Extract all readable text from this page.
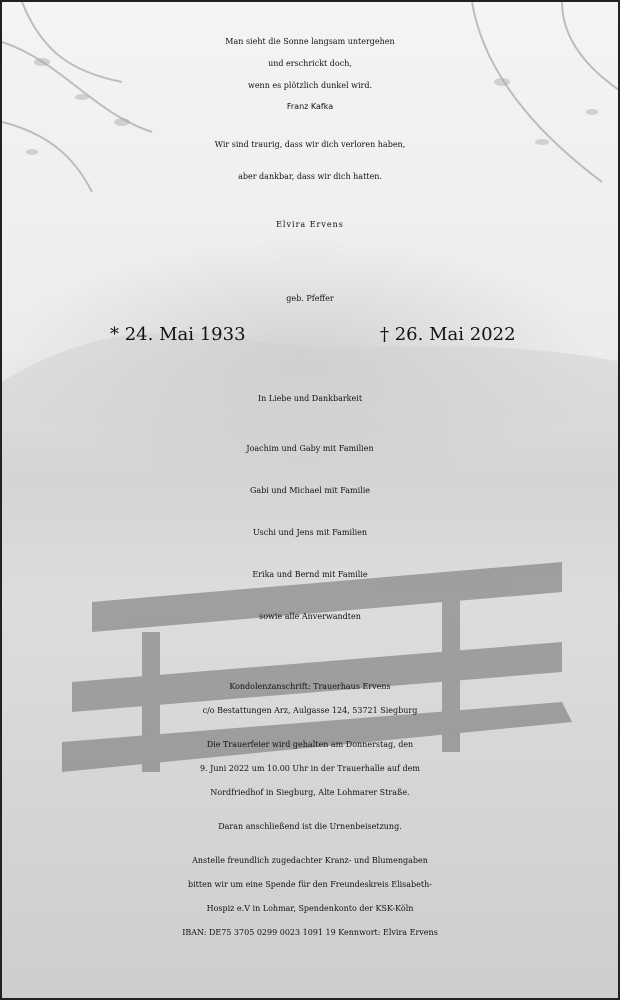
Man sieht die Sonne langsam untergehen
und erschrickt doch,
wenn es plötzlich dunkel wird.
Franz Kafka
Wir sind traurig, dass wir dich verloren haben,
aber dankbar, dass wir dich hatten.
Elvira Ervens
geb. Pfeffer
* 24. Mai 1933	† 26. Mai 2022
In Liebe und Dankbarkeit
Joachim und Gaby mit Familien
Gabi und Michael mit Familie
Uschi und Jens mit Familien
Erika und Bernd mit Familie
sowie alle Anverwandten
Kondolenzanschrift: Trauerhaus Ervens
c/o Bestattungen Arz, Aulgasse 124, 53721 Siegburg
Die Trauerfeier wird gehalten am Donnerstag, den
9. Juni 2022 um 10.00 Uhr in der Trauerhalle auf dem
Nordfriedhof in Siegburg, Alte Lohmarer Straße.
Daran anschließend ist die Urnenbeisetzung.
Anstelle freundlich zugedachter Kranz- und Blumengaben
bitten wir um eine Spende für den Freundeskreis Elisabeth-
Hospiz e.V in Lohmar, Spendenkonto der KSK-Köln
IBAN: DE75 3705 0299 0023 1091 19 Kennwort: Elvira Ervens
